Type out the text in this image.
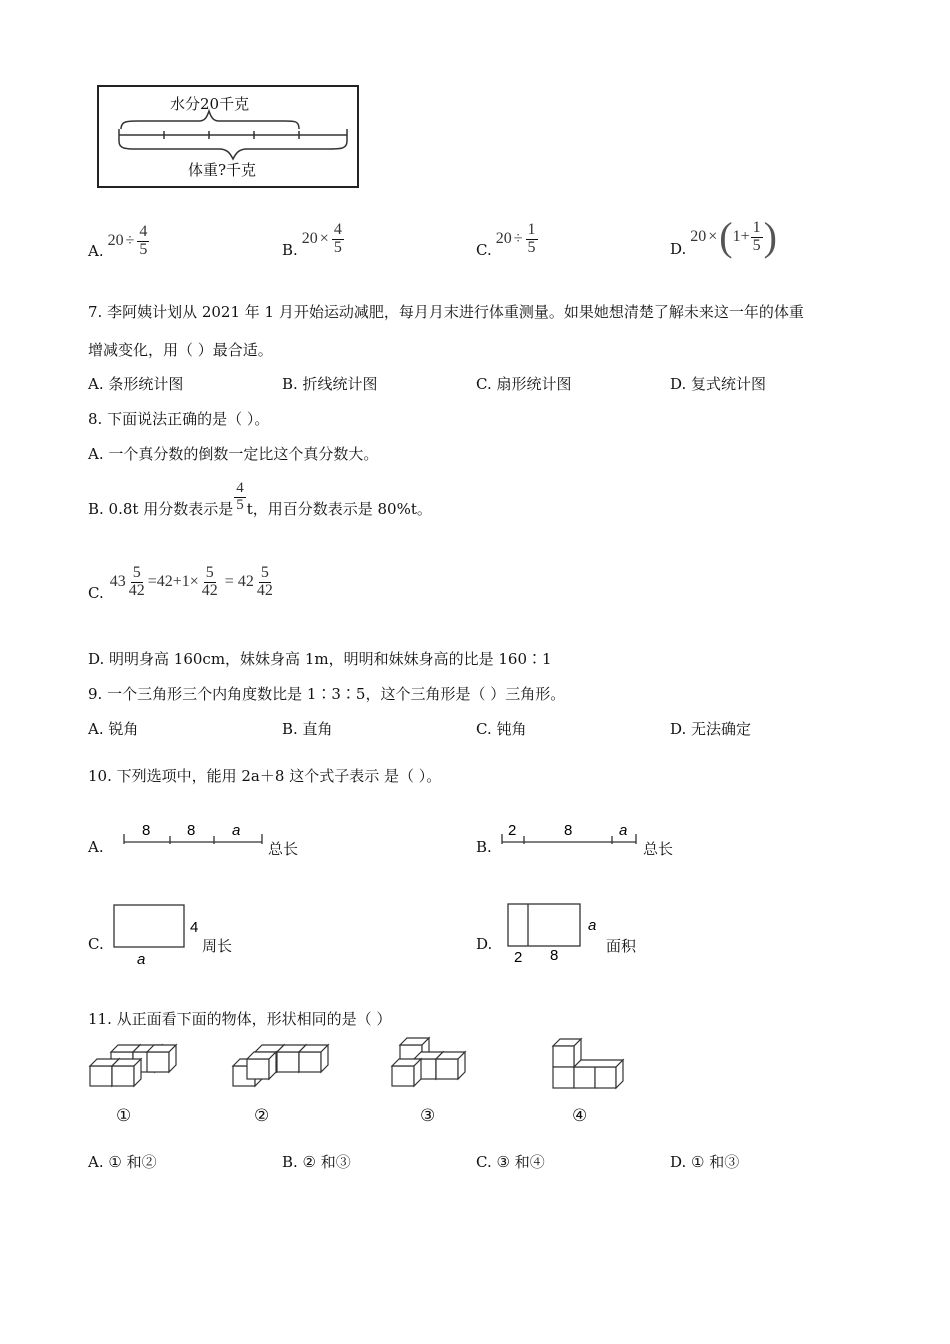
水分20千克
体重?千克
A.
$20 \div \frac{4}{5}$	B.
$20 \times \frac{4}{5}$	C.
$20 \div \frac{1}{5}$	D.
20 × ( $1+ \frac{1}{5}$ )
7. 李阿姨计划从 2021 年 1 月开始运动减肥，每月月末进行体重测量。如果她想清楚了解未来这一年的体重
增减变化，用（ ）最合适。
A. 条形统计图	B. 折线统计图	C. 扇形统计图	D. 复式统计图
8. 下面说法正确的是（ ）。
A. 一个真分数的倒数一定比这个真分数大。
B. 0.8t 用分数表示是 $\frac{4}{5}$ t，用百分数表示是 80%t。
C.
$43 \frac{5}{42} =42+1\times \frac{5}{42} = 42 \frac{5}{42}$
D. 明明身高 160cm，妹妹身高 1m，明明和妹妹身高的比是 160∶1
9. 一个三角形三个内角度数比是 1∶3∶5，这个三角形是（ ）三角形。
A. 锐角	B. 直角	C. 钝角	D. 无法确定
10. 下列选项中，能用 2a＋8 这个式子表示 是（ ）。
A.
8 8 a
总长	B.
2	8	a
总长
C.
4
a
周长	D.
a
2 8
面积
11. 从正面看下面的物体，形状相同的是（ ）
①	②	③	④
A. ① 和②	B. ② 和③	C. ③ 和④	D. ① 和③
